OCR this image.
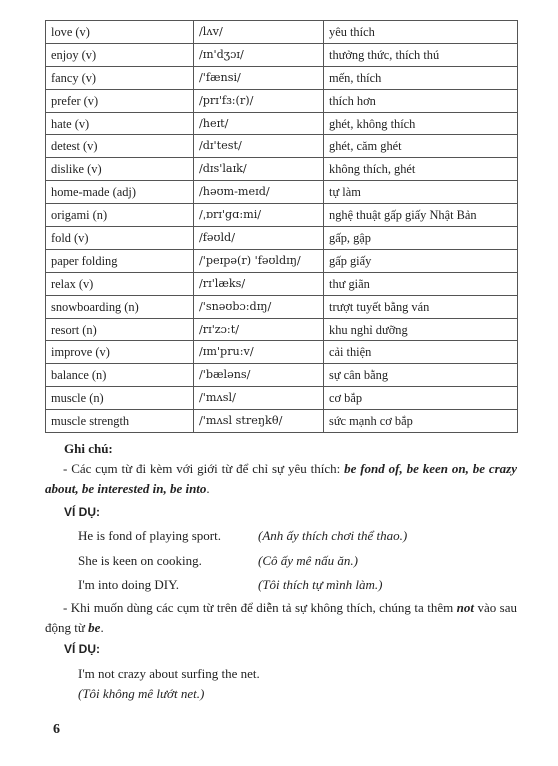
love (v)	/lʌv/	yêu thích
enjoy (v)	/ɪn'dʒɔɪ/	thưởng thức, thích thú
fancy (v)	/'fænsi/	mến, thích
prefer (v)	/prɪ'fɜ:(r)/	thích hơn
hate (v)	/heɪt/	ghét, không thích
detest (v)	/dɪ'test/	ghét, căm ghét
dislike (v)	/dɪs'laɪk/	không thích, ghét
home-made (adj)	/həʊm-meɪd/	tự làm
origami (n)	/ˌɒrɪ'gɑ:mi/	nghệ thuật gấp giấy Nhật Bản
fold (v)	/fəʊld/	gấp, gập
paper folding	/'peɪpə(r) 'fəʊldɪŋ/	gấp giấy
relax (v)	/rɪ'læks/	thư giãn
snowboarding (n)	/'snəʊbɔ:dɪŋ/	trượt tuyết bằng ván
resort (n)	/rɪ'zɔ:t/	khu nghỉ dưỡng
improve (v)	/ɪm'pru:v/	cải thiện
balance (n)	/'bæləns/	sự cân bằng
muscle (n)	/'mʌsl/	cơ bắp
muscle strength	/'mʌsl streŋkθ/	sức mạnh cơ bắp
Ghi chú:
- Các cụm từ đi kèm với giới từ để chỉ sự yêu thích: be fond of, be keen on, be crazy about, be interested in, be into.
VÍ DỤ:
He is fond of playing sport.	(Anh ấy thích chơi thể thao.)
She is keen on cooking.	(Cô ấy mê nấu ăn.)
I'm into doing DIY.	(Tôi thích tự mình làm.)
- Khi muốn dùng các cụm từ trên để diễn tả sự không thích, chúng ta thêm not vào sau động từ be.
VÍ DỤ:
I'm not crazy about surfing the net.
(Tôi không mê lướt net.)
6
